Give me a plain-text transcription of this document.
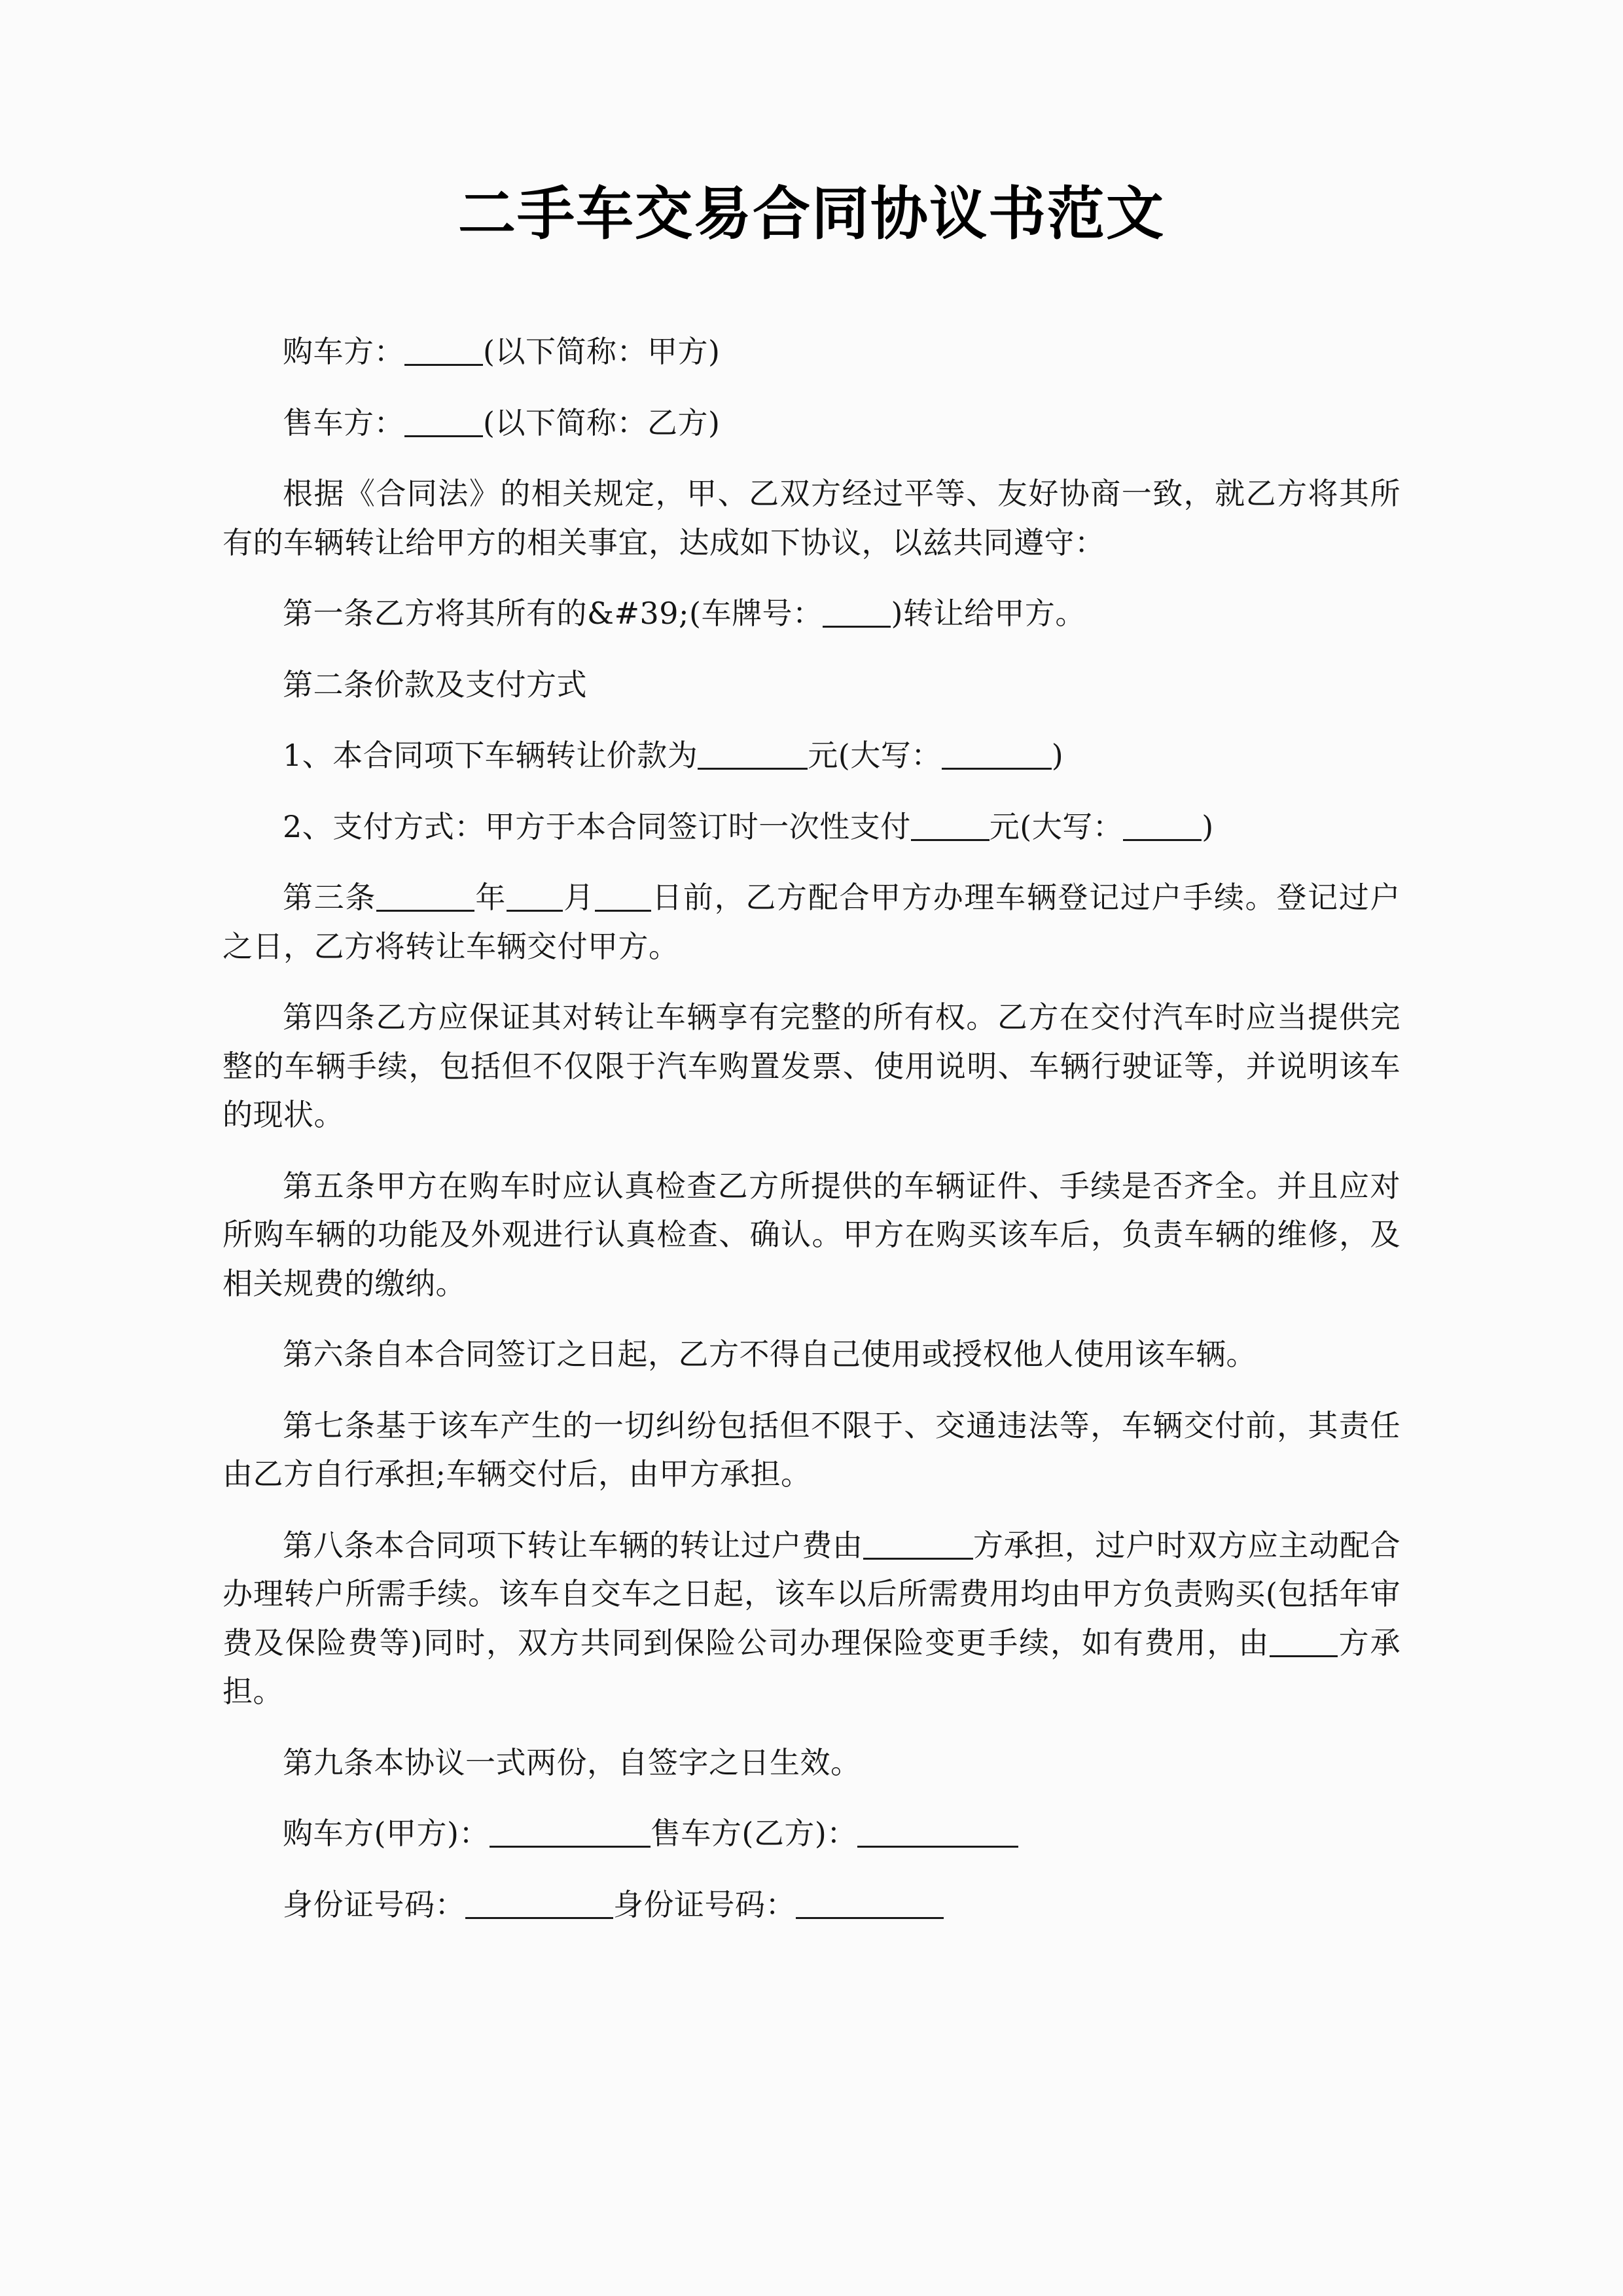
二手车交易合同协议书范文

购车方：	(以下简称：甲方)

售车方：	(以下简称：乙方)

根据《合同法》的相关规定，甲、乙双方经过平等、友好协商一致，就乙方将其所有的车辆转让给甲方的相关事宜，达成如下协议，以兹共同遵守：

第一条乙方将其所有的&#39;(车牌号： )转让给甲方。

第二条价款及支付方式

1、本合同项下车辆转让价款为	元(大写：	)

2、支付方式：甲方于本合同签订时一次性支付	元(大写：	)

第三条	年 月 日前，乙方配合甲方办理车辆登记过户手续。登记过户之日，乙方将转让车辆交付甲方。

第四条乙方应保证其对转让车辆享有完整的所有权。乙方在交付汽车时应当提供完整的车辆手续，包括但不仅限于汽车购置发票、使用说明、车辆行驶证等，并说明该车的现状。

第五条甲方在购车时应认真检查乙方所提供的车辆证件、手续是否齐全。并且应对所购车辆的功能及外观进行认真检查、确认。甲方在购买该车后，负责车辆的维修，及相关规费的缴纳。

第六条自本合同签订之日起，乙方不得自己使用或授权他人使用该车辆。

第七条基于该车产生的一切纠纷包括但不限于、交通违法等，车辆交付前，其责任由乙方自行承担;车辆交付后，由甲方承担。

第八条本合同项下转让车辆的转让过户费由	方承担，过户时双方应主动配合办理转户所需手续。该车自交车之日起，该车以后所需费用均由甲方负责购买(包括年审费及保险费等)同时，双方共同到保险公司办理保险变更手续，如有费用，由 方承担。

第九条本协议一式两份，自签字之日生效。

购车方(甲方)：	售车方(乙方)：

身份证号码：	身份证号码：
